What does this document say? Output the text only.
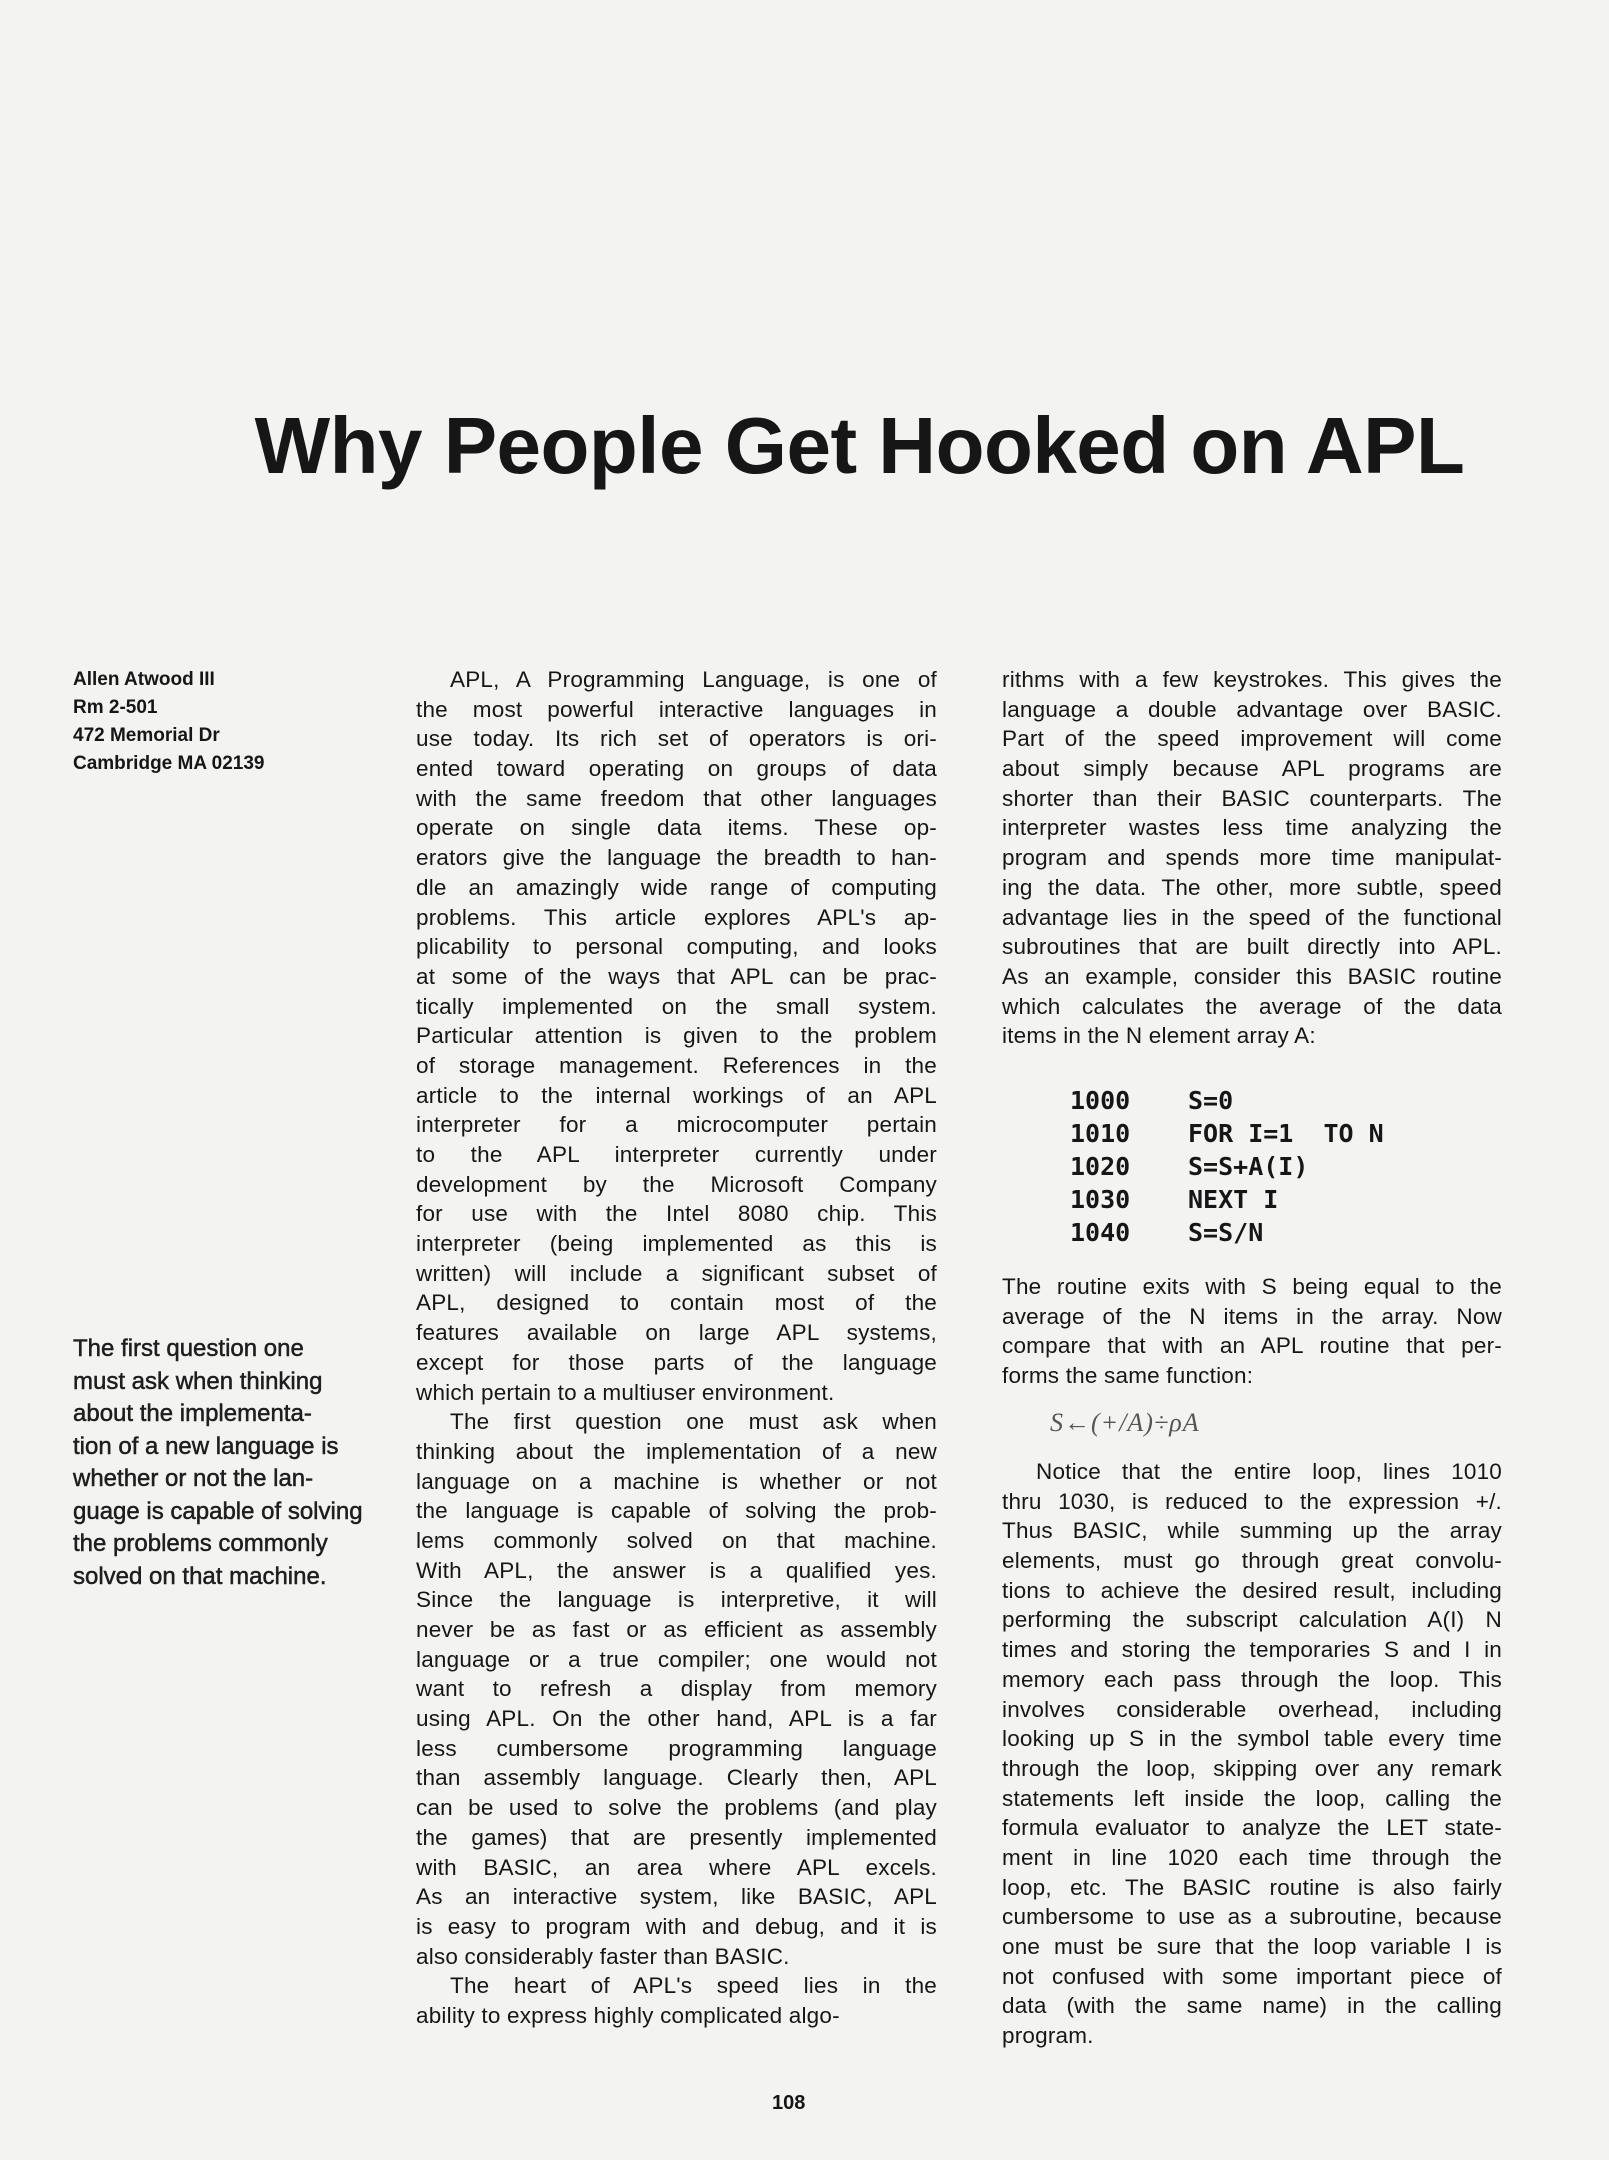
Why People Get Hooked on APL
Allen Atwood III
Rm 2-501
472 Memorial Dr
Cambridge MA 02139
The first question one
must ask when thinking
about the implementa-
tion of a new language is
whether or not the lan-
guage is capable of solving
the problems commonly
solved on that machine.
APL, A Programming Language, is one of
the most powerful interactive languages in
use today. Its rich set of operators is ori-
ented toward operating on groups of data
with the same freedom that other languages
operate on single data items. These op-
erators give the language the breadth to han-
dle an amazingly wide range of computing
problems. This article explores APL's ap-
plicability to personal computing, and looks
at some of the ways that APL can be prac-
tically implemented on the small system.
Particular attention is given to the problem
of storage management. References in the
article to the internal workings of an APL
interpreter for a microcomputer pertain
to the APL interpreter currently under
development by the Microsoft Company
for use with the Intel 8080 chip. This
interpreter (being implemented as this is
written) will include a significant subset of
APL, designed to contain most of the
features available on large APL systems,
except for those parts of the language
which pertain to a multiuser environment.
The first question one must ask when
thinking about the implementation of a new
language on a machine is whether or not
the language is capable of solving the prob-
lems commonly solved on that machine.
With APL, the answer is a qualified yes.
Since the language is interpretive, it will
never be as fast or as efficient as assembly
language or a true compiler; one would not
want to refresh a display from memory
using APL. On the other hand, APL is a far
less cumbersome programming language
than assembly language. Clearly then, APL
can be used to solve the problems (and play
the games) that are presently implemented
with BASIC, an area where APL excels.
As an interactive system, like BASIC, APL
is easy to program with and debug, and it is
also considerably faster than BASIC.
The heart of APL's speed lies in the
ability to express highly complicated algo-
rithms with a few keystrokes. This gives the
language a double advantage over BASIC.
Part of the speed improvement will come
about simply because APL programs are
shorter than their BASIC counterparts. The
interpreter wastes less time analyzing the
program and spends more time manipulat-
ing the data. The other, more subtle, speed
advantage lies in the speed of the functional
subroutines that are built directly into APL.
As an example, consider this BASIC routine
which calculates the average of the data
items in the N element array A:
1000	S=0
1010	FOR I=1  TO N
1020	S=S+A(I)
1030	NEXT I
1040	S=S/N
The routine exits with S being equal to the
average of the N items in the array. Now
compare that with an APL routine that per-
forms the same function:
S←(+/A)÷ρA
Notice that the entire loop, lines 1010
thru 1030, is reduced to the expression +/.
Thus BASIC, while summing up the array
elements, must go through great convolu-
tions to achieve the desired result, including
performing the subscript calculation A(I) N
times and storing the temporaries S and I in
memory each pass through the loop. This
involves considerable overhead, including
looking up S in the symbol table every time
through the loop, skipping over any remark
statements left inside the loop, calling the
formula evaluator to analyze the LET state-
ment in line 1020 each time through the
loop, etc. The BASIC routine is also fairly
cumbersome to use as a subroutine, because
one must be sure that the loop variable I is
not confused with some important piece of
data (with the same name) in the calling
program.
108
